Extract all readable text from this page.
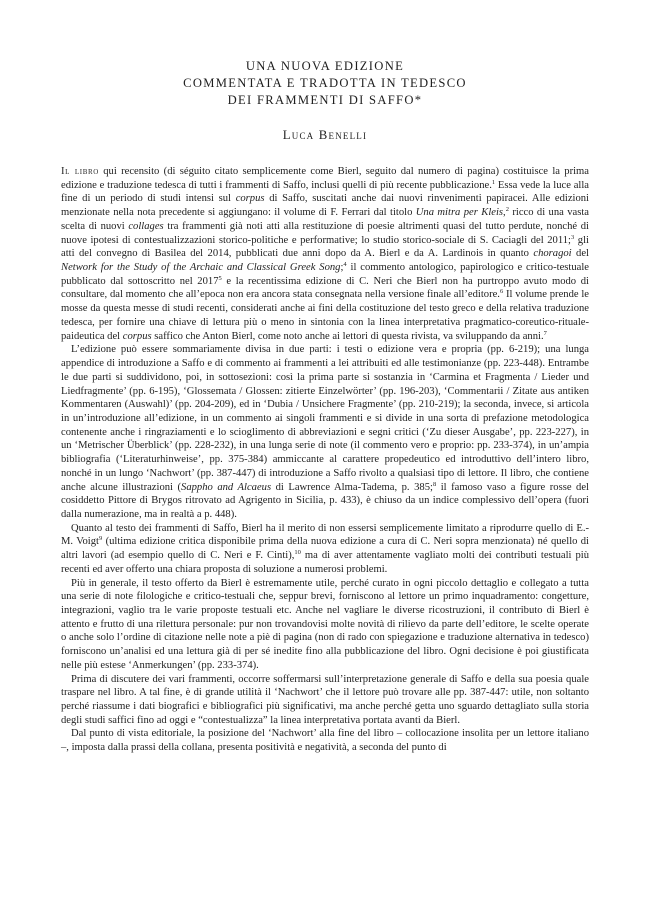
UNA NUOVA EDIZIONE

COMMENTATA E TRADOTTA IN TEDESCO

DEI FRAMMENTI DI SAFFO*

Luca Benelli

Il libro qui recensito (di séguito citato semplicemente come Bierl, seguito dal numero di pagina) costituisce la prima edizione e traduzione tedesca di tutti i frammenti di Saffo, inclusi quelli di più recente pubblicazione.$^1$ Essa vede la luce alla fine di un periodo di studi intensi sul corpus di Saffo, suscitati anche dai nuovi rinvenimenti papiracei. Alle edizioni menzionate nella nota precedente si aggiungano: il volume di F. Ferrari dal titolo Una mitra per Kleis,$^2$ ricco di una vasta scelta di nuovi collages tra frammenti già noti atti alla restituzione di poesie altrimenti quasi del tutto perdute, nonché di nuove ipotesi di contestualizzazioni storico-politiche e performative; lo studio storico-sociale di S. Caciagli del 2011;$^3$ gli atti del convegno di Basilea del 2014, pubblicati due anni dopo da A. Bierl e da A. Lardinois in quanto choragoi del Network for the Study of the Archaic and Classical Greek Song;$^4$ il commento antologico, papirologico e critico-testuale pubblicato dal sottoscritto nel 2017$^5$ e la recentissima edizione di C. Neri che Bierl non ha purtroppo avuto modo di consultare, dal momento che all’epoca non era ancora stata consegnata nella versione finale all’editore.$^6$ Il volume prende le mosse da questa messe di studi recenti, considerati anche ai fini della costituzione del testo greco e della relativa traduzione tedesca, per fornire una chiave di lettura più o meno in sintonia con la linea interpretativa pragmatico-coreutico-rituale-paideutica del corpus saffico che Anton Bierl, come noto anche ai lettori di questa rivista, va sviluppando da anni.$^7$

L’edizione può essere sommariamente divisa in due parti: i testi o edizione vera e propria (pp. 6-219); una lunga appendice di introduzione a Saffo e di commento ai frammenti a lei attribuiti ed alle testimonianze (pp. 223-448). Entrambe le due parti si suddividono, poi, in sottosezioni: così la prima parte si sostanzia in ‘Carmina et Fragmenta / Lieder und Liedfragmente’ (pp. 6-195), ‘Glossemata / Glossen: zitierte Einzelwörter’ (pp. 196-203), ‘Commentarii / Zitate aus antiken Kommentaren (Auswahl)’ (pp. 204-209), ed in ‘Dubia / Unsichere Fragmente’ (pp. 210-219); la seconda, invece, si articola in un’introduzione all’edizione, in un commento ai singoli frammenti e si divide in una sorta di prefazione metodologica contenente anche i ringraziamenti e lo scioglimento di abbreviazioni e segni critici (‘Zu dieser Ausgabe’, pp. 223-227), in un ‘Metrischer Überblick’ (pp. 228-232), in una lunga serie di note (il commento vero e proprio: pp. 233-374), in un’ampia bibliografia (‘Literaturhinweise’, pp. 375-384) ammiccante al carattere propedeutico ed introduttivo dell’intero libro, nonché in un lungo ‘Nachwort’ (pp. 387-447) di introduzione a Saffo rivolto a qualsiasi tipo di lettore. Il libro, che contiene anche alcune illustrazioni (Sappho and Alcaeus di Lawrence Alma-Tadema, p. 385;$^8$ il famoso vaso a figure rosse del cosiddetto Pittore di Brygos ritrovato ad Agrigento in Sicilia, p. 433), è chiuso da un indice complessivo dell’opera (fuori dalla numerazione, ma in realtà a p. 448).

Quanto al testo dei frammenti di Saffo, Bierl ha il merito di non essersi semplicemente limitato a riprodurre quello di E.-M. Voigt$^9$ (ultima edizione critica disponibile prima della nuova edizione a cura di C. Neri sopra menzionata) né quello di altri lavori (ad esempio quello di C. Neri e F. Cinti),$^{10}$ ma di aver attentamente vagliato molti dei contributi testuali più recenti ed aver offerto una chiara proposta di soluzione a numerosi problemi.

Più in generale, il testo offerto da Bierl è estremamente utile, perché curato in ogni piccolo dettaglio e collegato a tutta una serie di note filologiche e critico-testuali che, seppur brevi, forniscono al lettore un primo inquadramento: congetture, integrazioni, vaglio tra le varie proposte testuali etc. Anche nel vagliare le diverse ricostruzioni, il contributo di Bierl è attento e frutto di una rilettura personale: pur non trovandovisi molte novità di rilievo da parte dell’editore, le scelte operate o anche solo l’ordine di citazione nelle note a piè di pagina (non di rado con spiegazione e traduzione alternativa in tedesco) forniscono un’analisi ed una lettura già di per sé inedite fino alla pubblicazione del libro. Ogni decisione è poi giustificata nelle più estese ‘Anmerkungen’ (pp. 233-374).

Prima di discutere dei vari frammenti, occorre soffermarsi sull’interpretazione generale di Saffo e della sua poesia quale traspare nel libro. A tal fine, è di grande utilità il ‘Nachwort’ che il lettore può trovare alle pp. 387-447: utile, non soltanto perché riassume i dati biografici e bibliografici più significativi, ma anche perché getta uno sguardo dettagliato sulla storia degli studi saffici fino ad oggi e “contestualizza” la linea interpretativa portata avanti da Bierl.

Dal punto di vista editoriale, la posizione del ‘Nachwort’ alla fine del libro – collocazione insolita per un lettore italiano –, imposta dalla prassi della collana, presenta positività e negatività, a seconda del punto di
